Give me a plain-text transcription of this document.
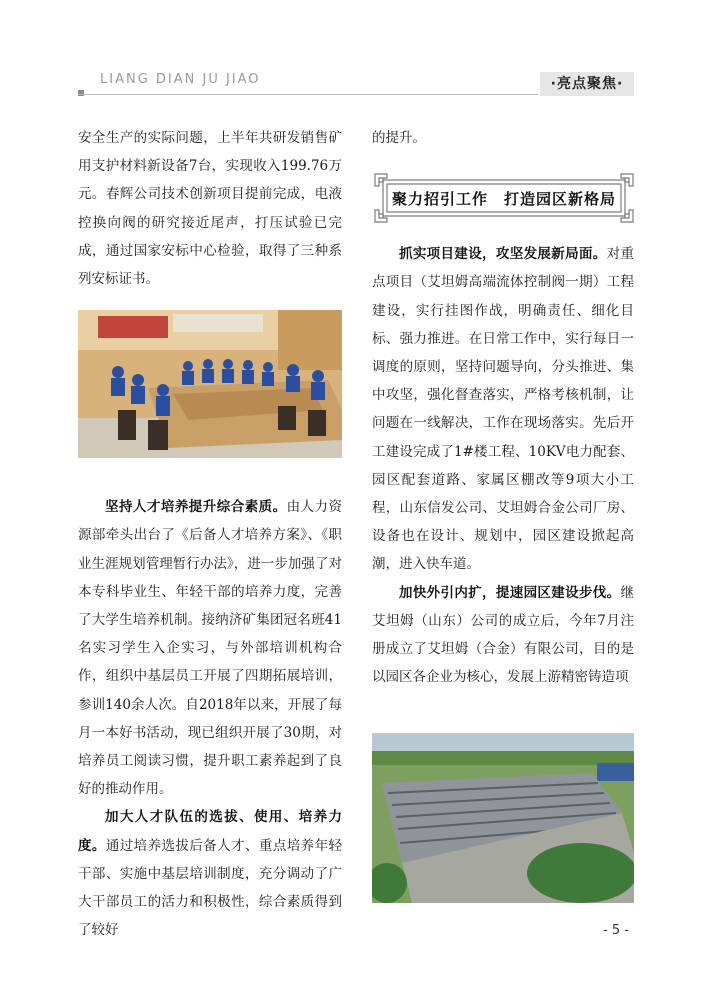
LIANG DIAN JU JIAO	·亮点聚焦·

安全生产的实际问题，上半年共研发销售矿用支护材料新设备7台，实现收入199.76万元。春辉公司技术创新项目提前完成，电液控换向阀的研究接近尾声，打压试验已完成，通过国家安标中心检验，取得了三种系列安标证书。

坚持人才培养提升综合素质。由人力资源部牵头出台了《后备人才培养方案》、《职业生涯规划管理暂行办法》，进一步加强了对本专科毕业生、年轻干部的培养力度，完善了大学生培养机制。接纳济矿集团冠名班41名实习学生入企实习，与外部培训机构合作，组织中基层员工开展了四期拓展培训，参训140余人次。自2018年以来，开展了每月一本好书活动，现已组织开展了30期，对培养员工阅读习惯，提升职工素养起到了良好的推动作用。

加大人才队伍的选拔、使用、培养力度。通过培养选拔后备人才、重点培养年轻干部、实施中基层培训制度，充分调动了广大干部员工的活力和积极性，综合素质得到了较好

的提升。

抓实项目建设，攻坚发展新局面。对重点项目（艾坦姆高端流体控制阀一期）工程建设，实行挂图作战，明确责任、细化目标、强力推进。在日常工作中，实行每日一调度的原则，坚持问题导向，分头推进、集中攻坚，强化督查落实，严格考核机制，让问题在一线解决，工作在现场落实。先后开工建设完成了1#楼工程、10KV电力配套、园区配套道路、家属区棚改等9项大小工程，山东信发公司、艾坦姆合金公司厂房、设备也在设计、规划中，园区建设掀起高潮，进入快车道。

加快外引内扩，提速园区建设步伐。继艾坦姆（山东）公司的成立后，今年7月注册成立了艾坦姆（合金）有限公司，目的是以园区各企业为核心，发展上游精密铸造项

聚力招引工作　打造园区新格局
- 5 -
